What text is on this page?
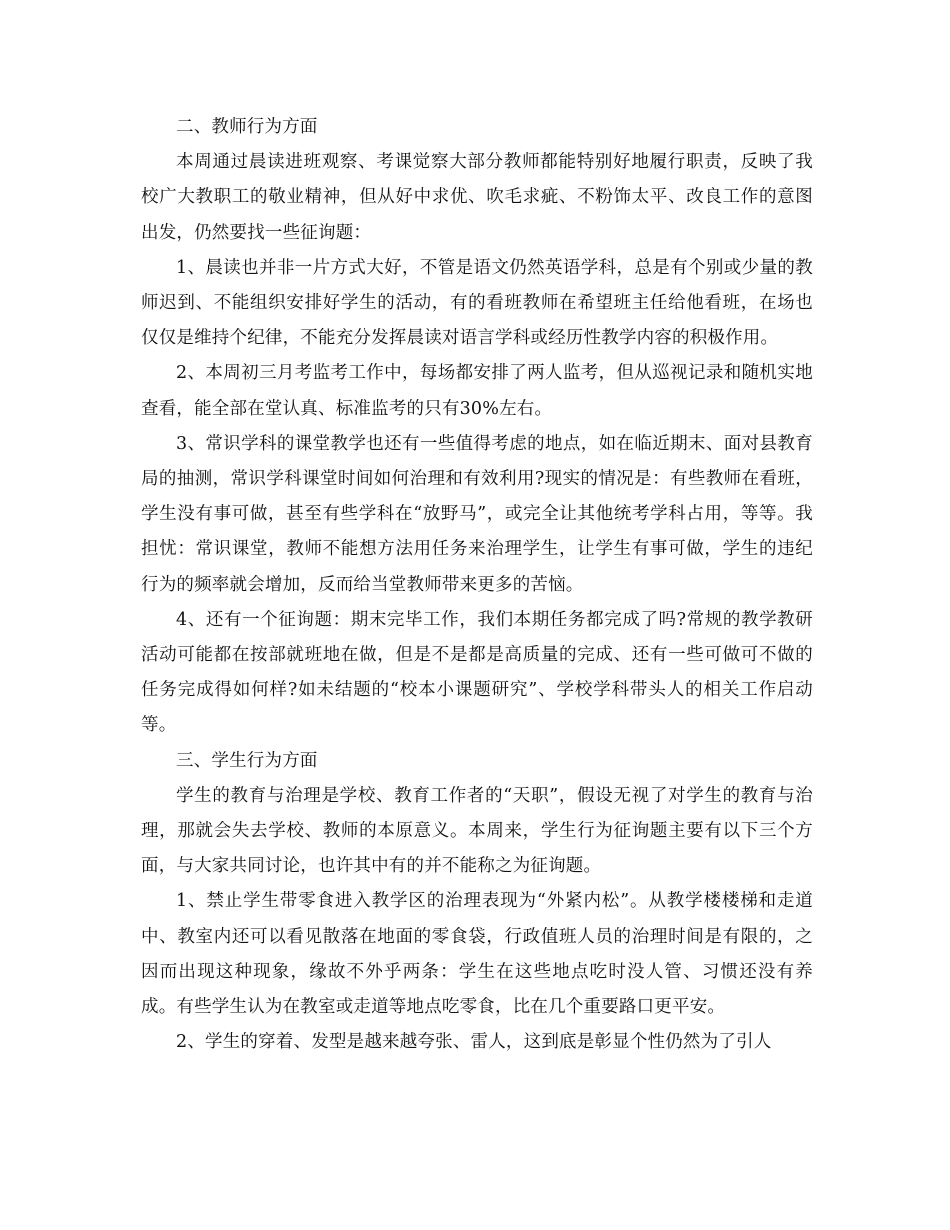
二、教师行为方面

本周通过晨读进班观察、考课觉察大部分教师都能特别好地履行职责，反映了我校广大教职工的敬业精神，但从好中求优、吹毛求疵、不粉饰太平、改良工作的意图出发，仍然要找一些征询题：

1、晨读也并非一片方式大好，不管是语文仍然英语学科，总是有个别或少量的教师迟到、不能组织安排好学生的活动，有的看班教师在希望班主任给他看班，在场也仅仅是维持个纪律，不能充分发挥晨读对语言学科或经历性教学内容的积极作用。

2、本周初三月考监考工作中，每场都安排了两人监考，但从巡视记录和随机实地查看，能全部在堂认真、标准监考的只有30%左右。

3、常识学科的课堂教学也还有一些值得考虑的地点，如在临近期末、面对县教育局的抽测，常识学科课堂时间如何治理和有效利用?现实的情况是：有些教师在看班，学生没有事可做，甚至有些学科在“放野马”，或完全让其他统考学科占用，等等。我担忧：常识课堂，教师不能想方法用任务来治理学生，让学生有事可做，学生的违纪行为的频率就会增加，反而给当堂教师带来更多的苦恼。

4、还有一个征询题：期末完毕工作，我们本期任务都完成了吗?常规的教学教研活动可能都在按部就班地在做，但是不是都是高质量的完成、还有一些可做可不做的任务完成得如何样?如未结题的“校本小课题研究”、学校学科带头人的相关工作启动等。

三、学生行为方面

学生的教育与治理是学校、教育工作者的“天职”，假设无视了对学生的教育与治理，那就会失去学校、教师的本原意义。本周来，学生行为征询题主要有以下三个方面，与大家共同讨论，也许其中有的并不能称之为征询题。

1、禁止学生带零食进入教学区的治理表现为“外紧内松”。从教学楼楼梯和走道中、教室内还可以看见散落在地面的零食袋，行政值班人员的治理时间是有限的，之因而出现这种现象，缘故不外乎两条：学生在这些地点吃时没人管、习惯还没有养成。有些学生认为在教室或走道等地点吃零食，比在几个重要路口更平安。

2、学生的穿着、发型是越来越夸张、雷人，这到底是彰显个性仍然为了引人
